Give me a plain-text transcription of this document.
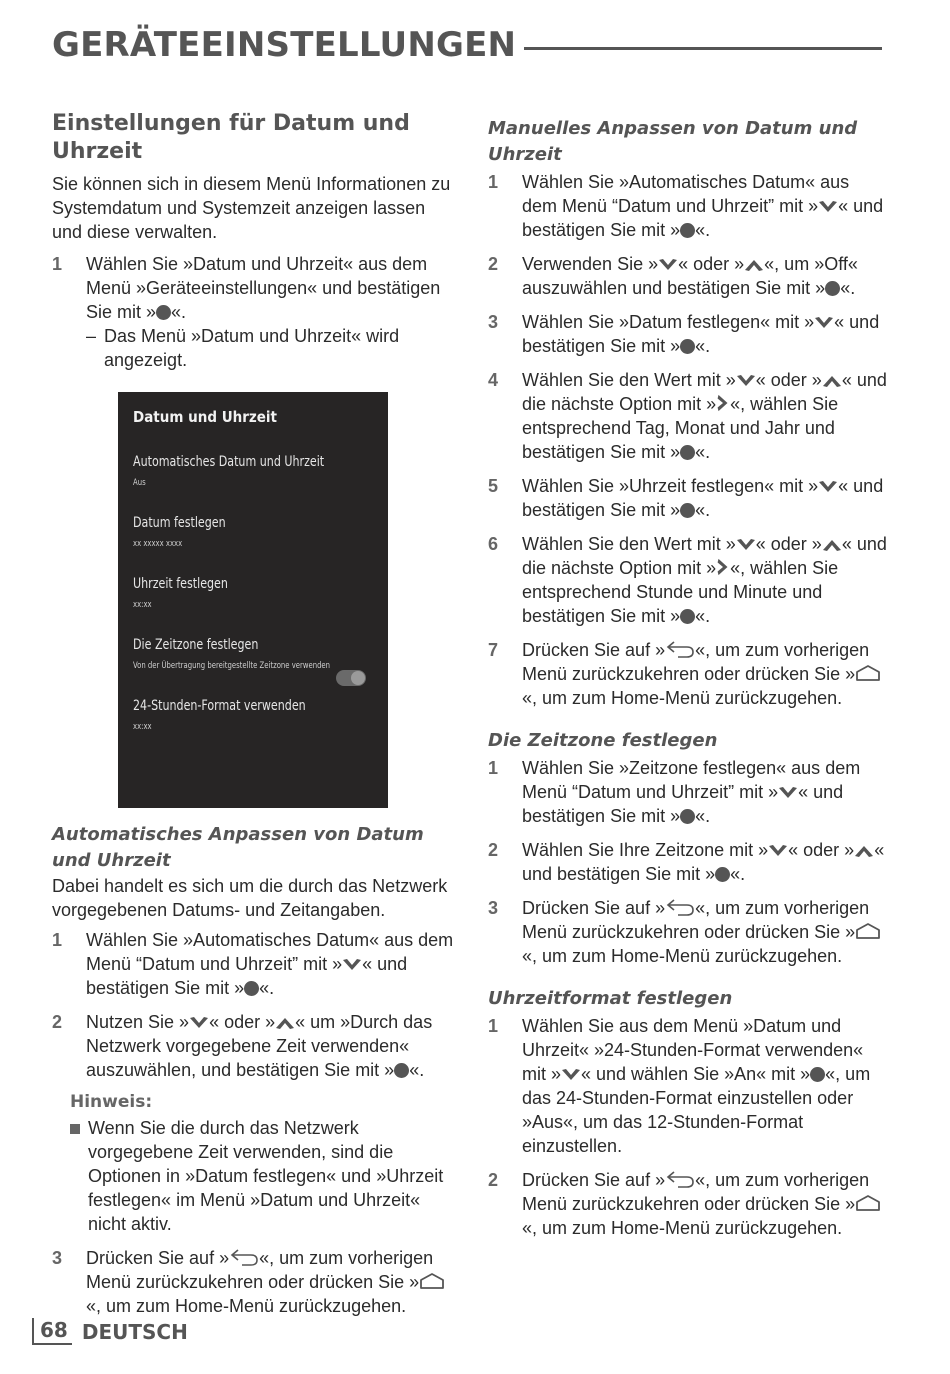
GERÄTEEINSTELLUNGEN
Einstellungen für Datum und Uhrzeit

Sie können sich in diesem Menü Informationen zu Systemdatum und Systemzeit anzeigen lassen und diese verwalten.

1	Wählen Sie »Datum und Uhrzeit« aus dem Menü »Geräteeinstellungen« und bestätigen Sie mit » «.
– Das Menü »Datum und Uhrzeit« wird angezeigt.
Datum und Uhrzeit
Automatisches Datum und Uhrzeit
Aus
Datum festlegen
xx xxxxx xxxx
Uhrzeit festlegen
xx:xx
Die Zeitzone festlegen
Von der Übertragung bereitgestellte Zeitzone verwenden
24-Stunden-Format verwenden
xx:xx
Automatisches Anpassen von Datum und Uhrzeit

Dabei handelt es sich um die durch das Netzwerk vorgegebenen Datums- und Zeitangaben.

1	Wählen Sie »Automatisches Datum« aus dem Menü “Datum und Uhrzeit” mit » « und bestätigen Sie mit » «.
2	Nutzen Sie » « oder » « um »Durch das Netzwerk vorgegebene Zeit verwenden« auszuwählen, und bestätigen Sie mit » «.
Hinweis:
Wenn Sie die durch das Netzwerk vorgegebene Zeit verwenden, sind die Optionen in »Datum festlegen« und »Uhrzeit festlegen« im Menü »Datum und Uhrzeit« nicht aktiv.
3	Drücken Sie auf » «, um zum vorherigen Menü zurückzukehren oder drücken Sie »«, um zum Home-Menü zurückzugehen.
Manuelles Anpassen von Datum und Uhrzeit
1	Wählen Sie »Automatisches Datum« aus dem Menü “Datum und Uhrzeit” mit » « und bestätigen Sie mit » «.
2	Verwenden Sie » « oder » «, um »Off« auszuwählen und bestätigen Sie mit » «.
3	Wählen Sie »Datum festlegen« mit » « und bestätigen Sie mit » «.
4	Wählen Sie den Wert mit » « oder » « und die nächste Option mit » «, wählen Sie entsprechend Tag, Monat und Jahr und bestätigen Sie mit » «.
5	Wählen Sie »Uhrzeit festlegen« mit » « und bestätigen Sie mit » «.
6	Wählen Sie den Wert mit » « oder » « und die nächste Option mit » «, wählen Sie entsprechend Stunde und Minute und bestätigen Sie mit » «.
7	Drücken Sie auf » «, um zum vorherigen Menü zurückzukehren oder drücken Sie »«, um zum Home-Menü zurückzugehen.
Die Zeitzone festlegen
1	Wählen Sie »Zeitzone festlegen« aus dem Menü “Datum und Uhrzeit” mit » « und bestätigen Sie mit » «.
2	Wählen Sie Ihre Zeitzone mit » « oder » « und bestätigen Sie mit » «.
3	Drücken Sie auf » «, um zum vorherigen Menü zurückzukehren oder drücken Sie »«, um zum Home-Menü zurückzugehen.
Uhrzeitformat festlegen
1	Wählen Sie aus dem Menü »Datum und Uhrzeit« »24-Stunden-Format verwenden« mit » « und wählen Sie »An« mit » «, um das 24-Stunden-Format einzustellen oder »Aus«, um das 12-Stunden-Format einzustellen.
2	Drücken Sie auf » «, um zum vorherigen Menü zurückzukehren oder drücken Sie »«, um zum Home-Menü zurückzugehen.
68 DEUTSCH
